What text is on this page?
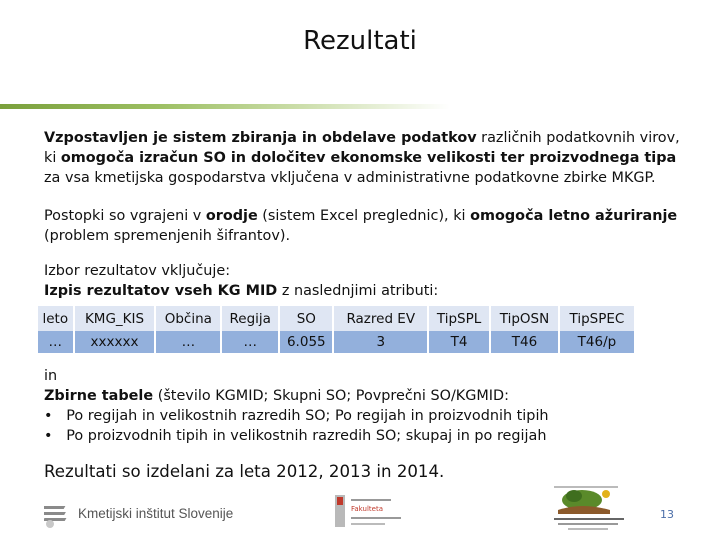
Rezultati
Vzpostavljen je sistem zbiranja in obdelave podatkov različnih podatkovnih virov, ki omogoča izračun SO in določitev ekonomske velikosti ter proizvodnega tipa za vsa kmetijska gospodarstva vključena v administrativne podatkovne zbirke MKGP.
Postopki so vgrajeni v orodje (sistem Excel preglednic), ki omogoča letno ažuriranje (problem spremenjenih šifrantov).
Izbor rezultatov vključuje:
Izpis rezultatov vseh KG MID z naslednjimi atributi:
leto	KMG_KIS	Občina	Regija	SO	Razred EV	TipSPL	TipOSN	TipSPEC
…	xxxxxx	…	…	6.055	3	T4	T46	T46/p
in
Zbirne tabele (število KGMID; Skupni SO; Povprečni SO/KGMID:
• Po regijah in velikostnih razredih SO; Po regijah in proizvodnih tipih
• Po proizvodnih tipih in velikostnih razredih SO; skupaj in po regijah
Rezultati so izdelani za leta 2012, 2013 in 2014.
Kmetijski inštitut Slovenije	Fakulteta	13
